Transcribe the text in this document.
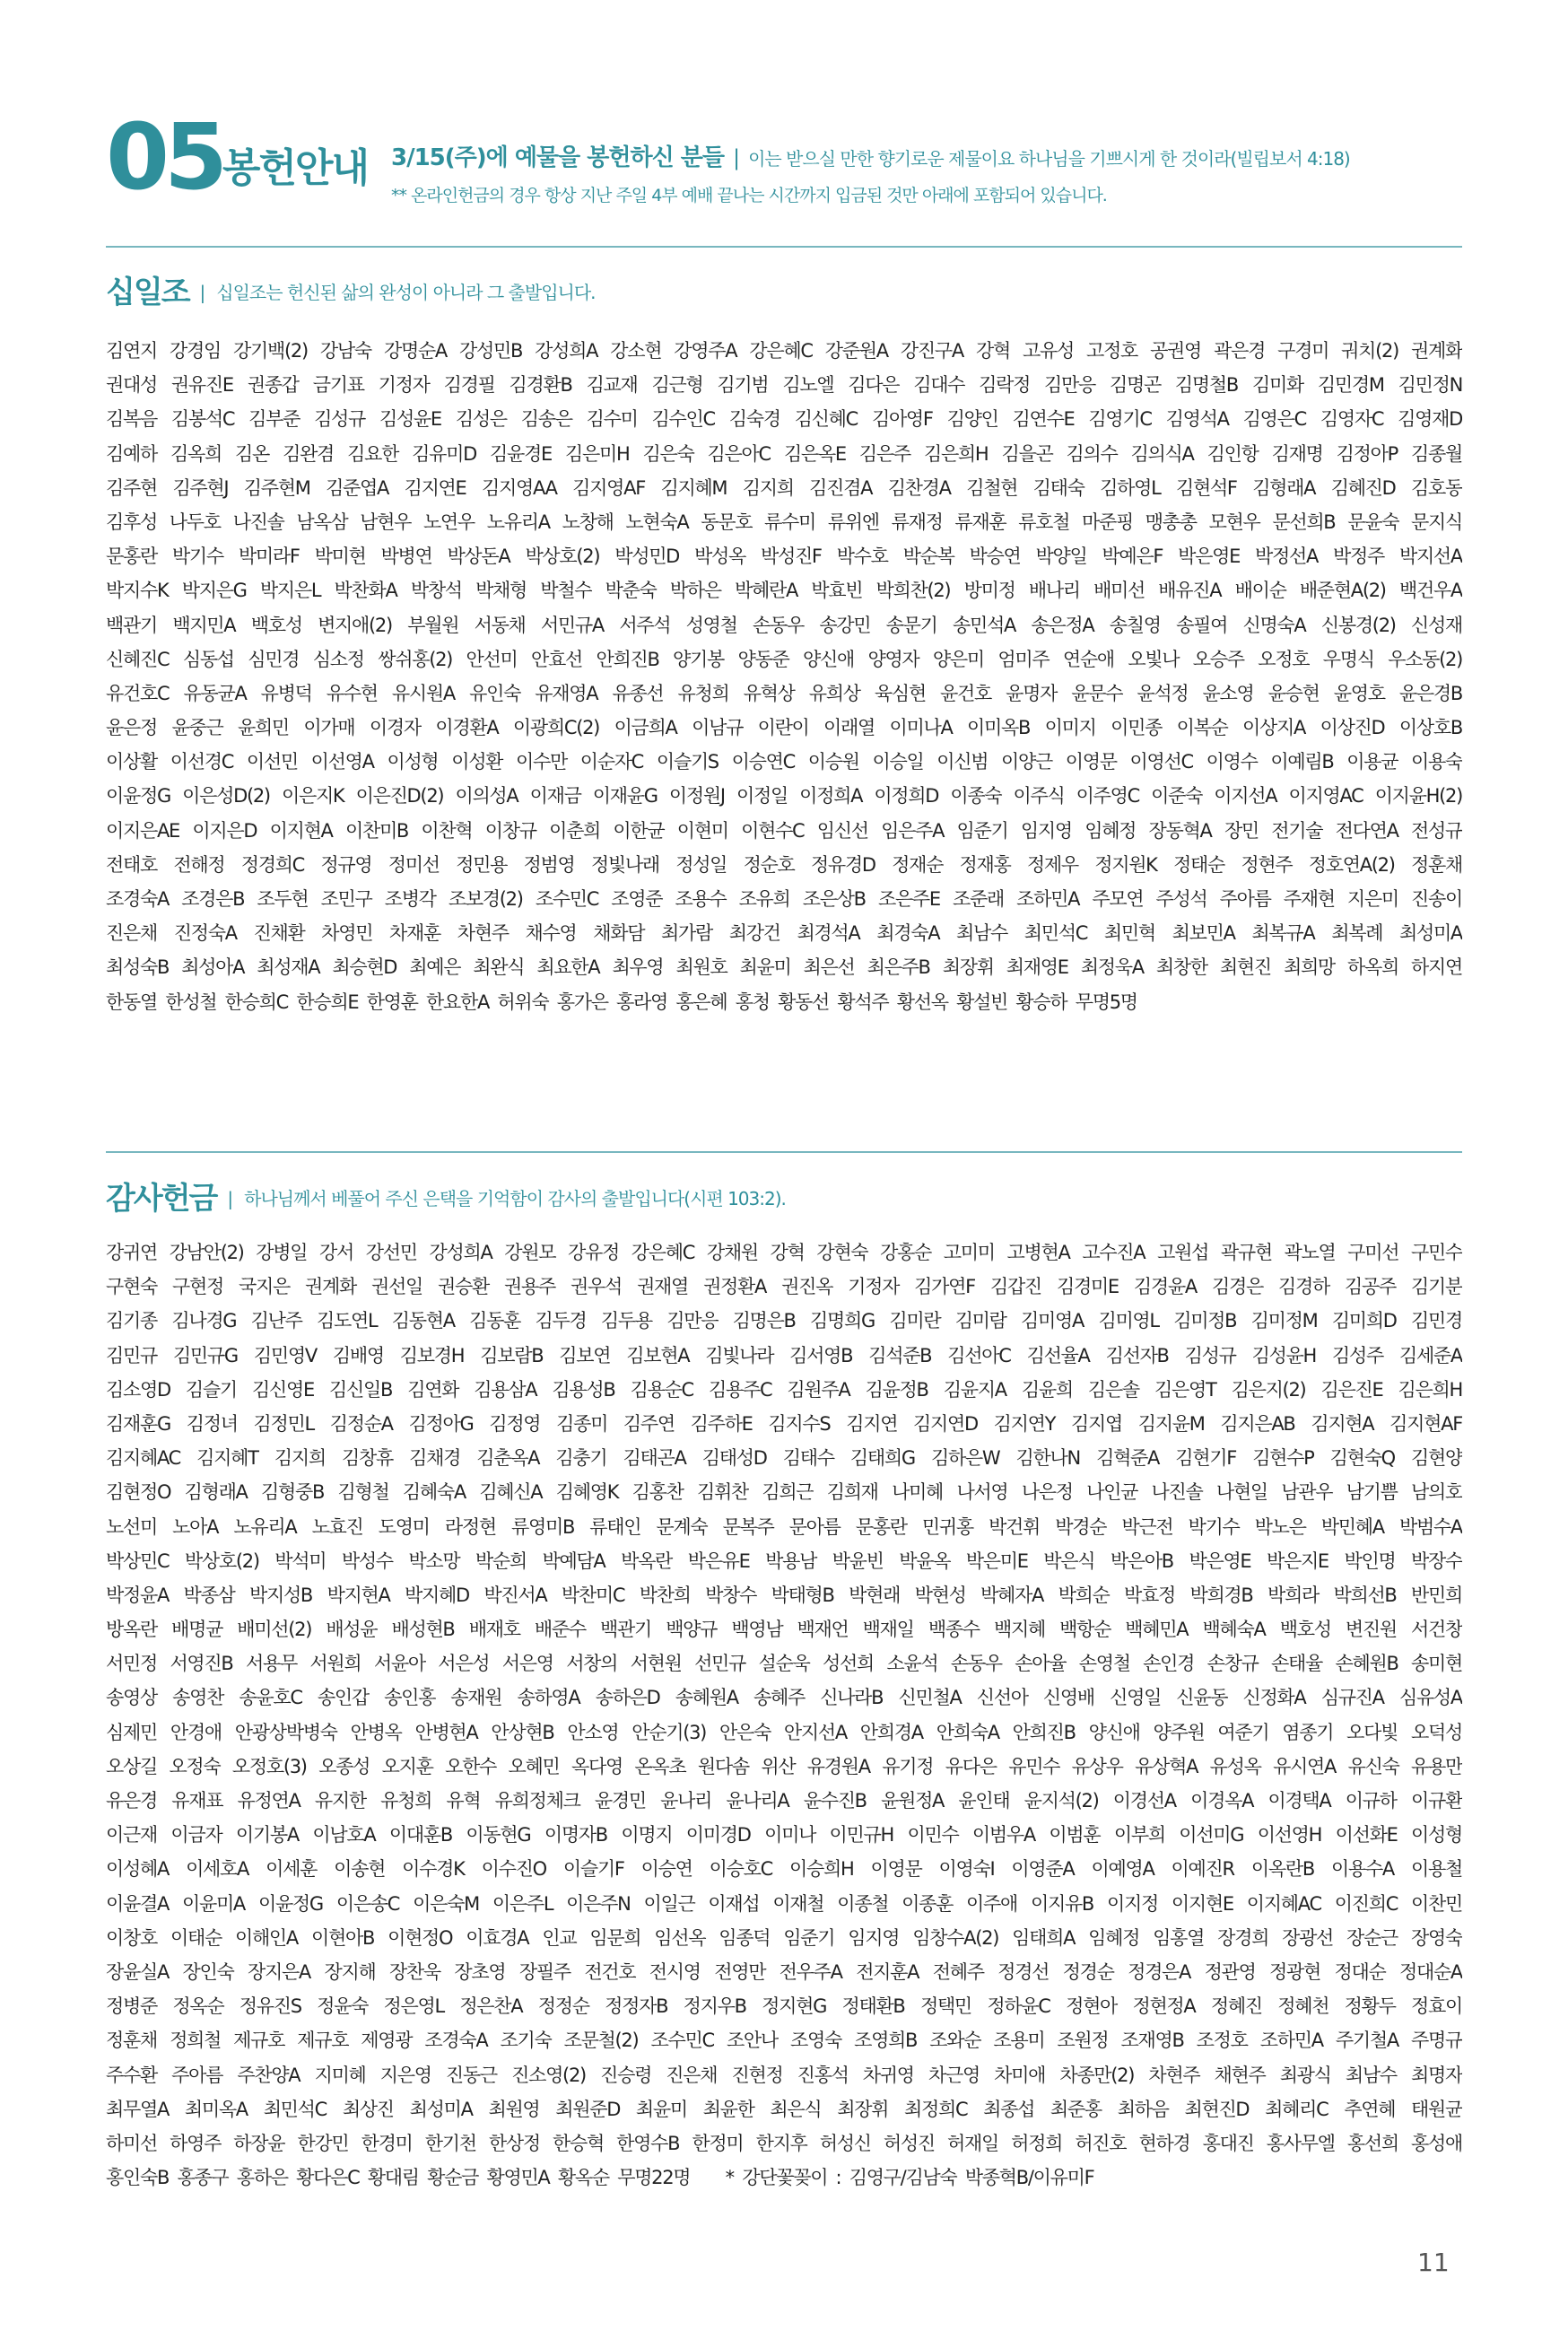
05 봉헌안내 3/15(주)에 예물을 봉헌하신 분들 | 이는 받으실 만한 향기로운 제물이요 하나님을 기쁘시게 한 것이라(빌립보서 4:18)
** 온라인헌금의 경우 항상 지난 주일 4부 예배 끝나는 시간까지 입금된 것만 아래에 포함되어 있습니다.
십일조 | 십일조는 헌신된 삶의 완성이 아니라 그 출발입니다.
김연지 강경임 강기백(2) 강남숙 강명순A 강성민B 강성희A 강소현 강영주A 강은혜C 강준원A 강진구A 강혁 고유성 고정호 공권영 곽은경 구경미 궈치(2) 권계화
권대성 권유진E 권종갑 금기표 기정자 김경필 김경환B 김교재 김근형 김기범 김노엘 김다은 김대수 김락정 김만응 김명곤 김명철B 김미화 김민경M 김민정N
김복음 김봉석C 김부준 김성규 김성윤E 김성은 김송은 김수미 김수인C 김숙경 김신혜C 김아영F 김양인 김연수E 김영기C 김영석A 김영은C 김영자C 김영재D
김예하 김옥희 김온 김완겸 김요한 김유미D 김윤경E 김은미H 김은숙 김은아C 김은옥E 김은주 김은희H 김을곤 김의수 김의식A 김인항 김재명 김정아P 김종월
김주현 김주현J 김주현M 김준엽A 김지연E 김지영AA 김지영AF 김지혜M 김지희 김진겸A 김찬경A 김철현 김태숙 김하영L 김현석F 김형래A 김혜진D 김호동
김후성 나두호 나진솔 남옥삼 남현우 노연우 노유리A 노창해 노현숙A 동문호 류수미 류위엔 류재정 류재훈 류호철 마준핑 맹총총 모현우 문선희B 문윤숙 문지식
문홍란 박기수 박미라F 박미현 박병연 박상돈A 박상호(2) 박성민D 박성옥 박성진F 박수호 박순복 박승연 박양일 박예은F 박은영E 박정선A 박정주 박지선A
박지수K 박지은G 박지은L 박찬화A 박창석 박채형 박철수 박춘숙 박하은 박혜란A 박효빈 박희찬(2) 방미정 배나리 배미선 배유진A 배이순 배준현A(2) 백건우A
백관기 백지민A 백호성 변지애(2) 부월원 서동채 서민규A 서주석 성영철 손동우 송강민 송문기 송민석A 송은정A 송칠영 송필여 신명숙A 신봉경(2) 신성재
신혜진C 심동섭 심민경 심소정 쌍쉬홍(2) 안선미 안효선 안희진B 양기봉 양동준 양신애 양영자 양은미 엄미주 연순애 오빛나 오승주 오정호 우명식 우소동(2)
유건호C 유동균A 유병덕 유수현 유시원A 유인숙 유재영A 유종선 유청희 유혁상 유희상 육심현 윤건호 윤명자 윤문수 윤석정 윤소영 윤승현 윤영호 윤은경B
윤은정 윤중근 윤희민 이가매 이경자 이경환A 이광희C(2) 이금희A 이남규 이란이 이래열 이미나A 이미옥B 이미지 이민종 이복순 이상지A 이상진D 이상호B
이상활 이선경C 이선민 이선영A 이성형 이성환 이수만 이순자C 이슬기S 이승연C 이승원 이승일 이신범 이양근 이영문 이영선C 이영수 이예림B 이용균 이용숙
이윤정G 이은성D(2) 이은지K 이은진D(2) 이의성A 이재금 이재윤G 이정원J 이정일 이정희A 이정희D 이종숙 이주식 이주영C 이준숙 이지선A 이지영AC 이지윤H(2)
이지은AE 이지은D 이지현A 이찬미B 이찬혁 이창규 이춘희 이한균 이현미 이현수C 임신선 임은주A 임준기 임지영 임혜정 장동혁A 장민 전기술 전다연A 전성규
전태호 전해정 정경희C 정규영 정미선 정민용 정범영 정빛나래 정성일 정순호 정유경D 정재순 정재홍 정제우 정지원K 정태순 정현주 정호연A(2) 정훈채
조경숙A 조경은B 조두현 조민구 조병각 조보경(2) 조수민C 조영준 조용수 조유희 조은상B 조은주E 조준래 조하민A 주모연 주성석 주아름 주재현 지은미 진송이
진은채 진정숙A 진채환 차영민 차재훈 차현주 채수영 채화담 최가람 최강건 최경석A 최경숙A 최남수 최민석C 최민혁 최보민A 최복규A 최복례 최성미A
최성숙B 최성아A 최성재A 최승현D 최예은 최완식 최요한A 최우영 최원호 최윤미 최은선 최은주B 최장휘 최재영E 최정욱A 최창한 최현진 최희망 하옥희 하지연
한동열 한성철 한승희C 한승희E 한영훈 한요한A 허위숙 홍가은 홍라영 홍은혜 홍청 황동선 황석주 황선옥 황설빈 황승하 무명5명
감사헌금 | 하나님께서 베풀어 주신 은택을 기억함이 감사의 출발입니다(시편 103:2).
강귀연 강남안(2) 강병일 강서 강선민 강성희A 강원모 강유정 강은혜C 강채원 강혁 강현숙 강홍순 고미미 고병현A 고수진A 고원섭 곽규현 곽노열 구미선 구민수
구현숙 구현정 국지은 권계화 권선일 권승환 권용주 권우석 권재열 권정환A 권진옥 기정자 김가연F 김갑진 김경미E 김경윤A 김경은 김경하 김공주 김기분
김기종 김나경G 김난주 김도연L 김동현A 김동훈 김두경 김두용 김만응 김명은B 김명희G 김미란 김미람 김미영A 김미영L 김미정B 김미정M 김미희D 김민경
김민규 김민규G 김민영V 김배영 김보경H 김보람B 김보연 김보현A 김빛나라 김서영B 김석준B 김선아C 김선율A 김선자B 김성규 김성윤H 김성주 김세준A
김소영D 김슬기 김신영E 김신일B 김연화 김용삼A 김용성B 김용순C 김용주C 김원주A 김윤정B 김윤지A 김윤희 김은솔 김은영T 김은지(2) 김은진E 김은희H
김재훈G 김정녀 김정민L 김정순A 김정아G 김정영 김종미 김주연 김주하E 김지수S 김지연 김지연D 김지연Y 김지엽 김지윤M 김지은AB 김지현A 김지현AF
김지혜AC 김지혜T 김지희 김창휴 김채경 김춘옥A 김충기 김태곤A 김태성D 김태수 김태희G 김하은W 김한나N 김혁준A 김현기F 김현수P 김현숙Q 김현양
김현정O 김형래A 김형중B 김형철 김혜숙A 김혜신A 김혜영K 김홍찬 김휘찬 김희근 김희재 나미혜 나서영 나은정 나인균 나진솔 나현일 남관우 남기쁨 남의호
노선미 노아A 노유리A 노효진 도영미 라정현 류영미B 류태인 문계숙 문복주 문아름 문홍란 민귀홍 박건휘 박경순 박근전 박기수 박노은 박민혜A 박범수A
박상민C 박상호(2) 박석미 박성수 박소망 박순희 박예담A 박옥란 박은유E 박용남 박윤빈 박윤옥 박은미E 박은식 박은아B 박은영E 박은지E 박인명 박장수
박정윤A 박종삼 박지성B 박지현A 박지혜D 박진서A 박찬미C 박찬희 박창수 박태형B 박현래 박현성 박혜자A 박희순 박효정 박희경B 박희라 박희선B 반민희
방옥란 배명균 배미선(2) 배성윤 배성현B 배재호 배준수 백관기 백양규 백영남 백재언 백재일 백종수 백지혜 백항순 백혜민A 백혜숙A 백호성 변진원 서건창
서민정 서영진B 서용무 서원희 서윤아 서은성 서은영 서창의 서현원 선민규 설순욱 성선희 소윤석 손동우 손아율 손영철 손인경 손창규 손태율 손혜원B 송미현
송영상 송영찬 송윤호C 송인갑 송인홍 송재원 송하영A 송하은D 송혜원A 송혜주 신나라B 신민철A 신선아 신영배 신영일 신윤동 신정화A 심규진A 심유성A
심제민 안경애 안광상박병숙 안병옥 안병현A 안상현B 안소영 안순기(3) 안은숙 안지선A 안희경A 안희숙A 안희진B 양신애 양주원 여준기 염종기 오다빛 오덕성
오상길 오정숙 오정호(3) 오종성 오지훈 오한수 오혜민 옥다영 온옥초 원다솜 위산 유경원A 유기정 유다은 유민수 유상우 유상혁A 유성옥 유시연A 유신숙 유용만
유은경 유재표 유정연A 유지한 유청희 유혁 유희정체크 윤경민 윤나리 윤나리A 윤수진B 윤원정A 윤인태 윤지석(2) 이경선A 이경옥A 이경택A 이규하 이규환
이근재 이금자 이기봉A 이남호A 이대훈B 이동현G 이명자B 이명지 이미경D 이미나 이민규H 이민수 이범우A 이범훈 이부희 이선미G 이선영H 이선화E 이성형
이성혜A 이세호A 이세훈 이송현 이수경K 이수진O 이슬기F 이승연 이승호C 이승희H 이영문 이영숙I 이영준A 이예영A 이예진R 이옥란B 이용수A 이용철
이윤결A 이윤미A 이윤정G 이은송C 이은숙M 이은주L 이은주N 이일근 이재섭 이재철 이종철 이종훈 이주애 이지유B 이지정 이지현E 이지혜AC 이진희C 이찬민
이창호 이태순 이해인A 이현아B 이현정O 이효경A 인교 임문희 임선옥 임종덕 임준기 임지영 임창수A(2) 임태희A 임혜정 임홍열 장경희 장광선 장순근 장영숙
장윤실A 장인숙 장지은A 장지해 장찬욱 장초영 장필주 전건호 전시영 전영만 전우주A 전지훈A 전혜주 정경선 정경순 정경은A 정관영 정광현 정대순 정대순A
정병준 정옥순 정유진S 정윤숙 정은영L 정은찬A 정정순 정정자B 정지우B 정지현G 정태환B 정택민 정하윤C 정현아 정현정A 정혜진 정혜천 정황두 정효이
정훈채 정희철 제규호 제규호 제영광 조경숙A 조기숙 조문철(2) 조수민C 조안나 조영숙 조영희B 조와순 조용미 조원정 조재영B 조정호 조하민A 주기철A 주명규
주수환 주아름 주찬양A 지미혜 지은영 진동근 진소영(2) 진승령 진은채 진현정 진홍석 차귀영 차근영 차미애 차종만(2) 차현주 채현주 최광식 최남수 최명자
최무열A 최미옥A 최민석C 최상진 최성미A 최원영 최원준D 최윤미 최윤한 최은식 최장휘 최정희C 최종섭 최준홍 최하음 최현진D 최혜리C 추연혜 태원균
하미선 하영주 하장윤 한강민 한경미 한기천 한상정 한승혁 한영수B 한정미 한지후 허성신 허성진 허재일 허정희 허진호 현하경 홍대진 홍사무엘 홍선희 홍성애
홍인숙B 홍종구 홍하은 황다은C 황대림 황순금 황영민A 황옥순 무명22명　　* 강단꽃꽂이 : 김영구/김남숙 박종혁B/이유미F
11
